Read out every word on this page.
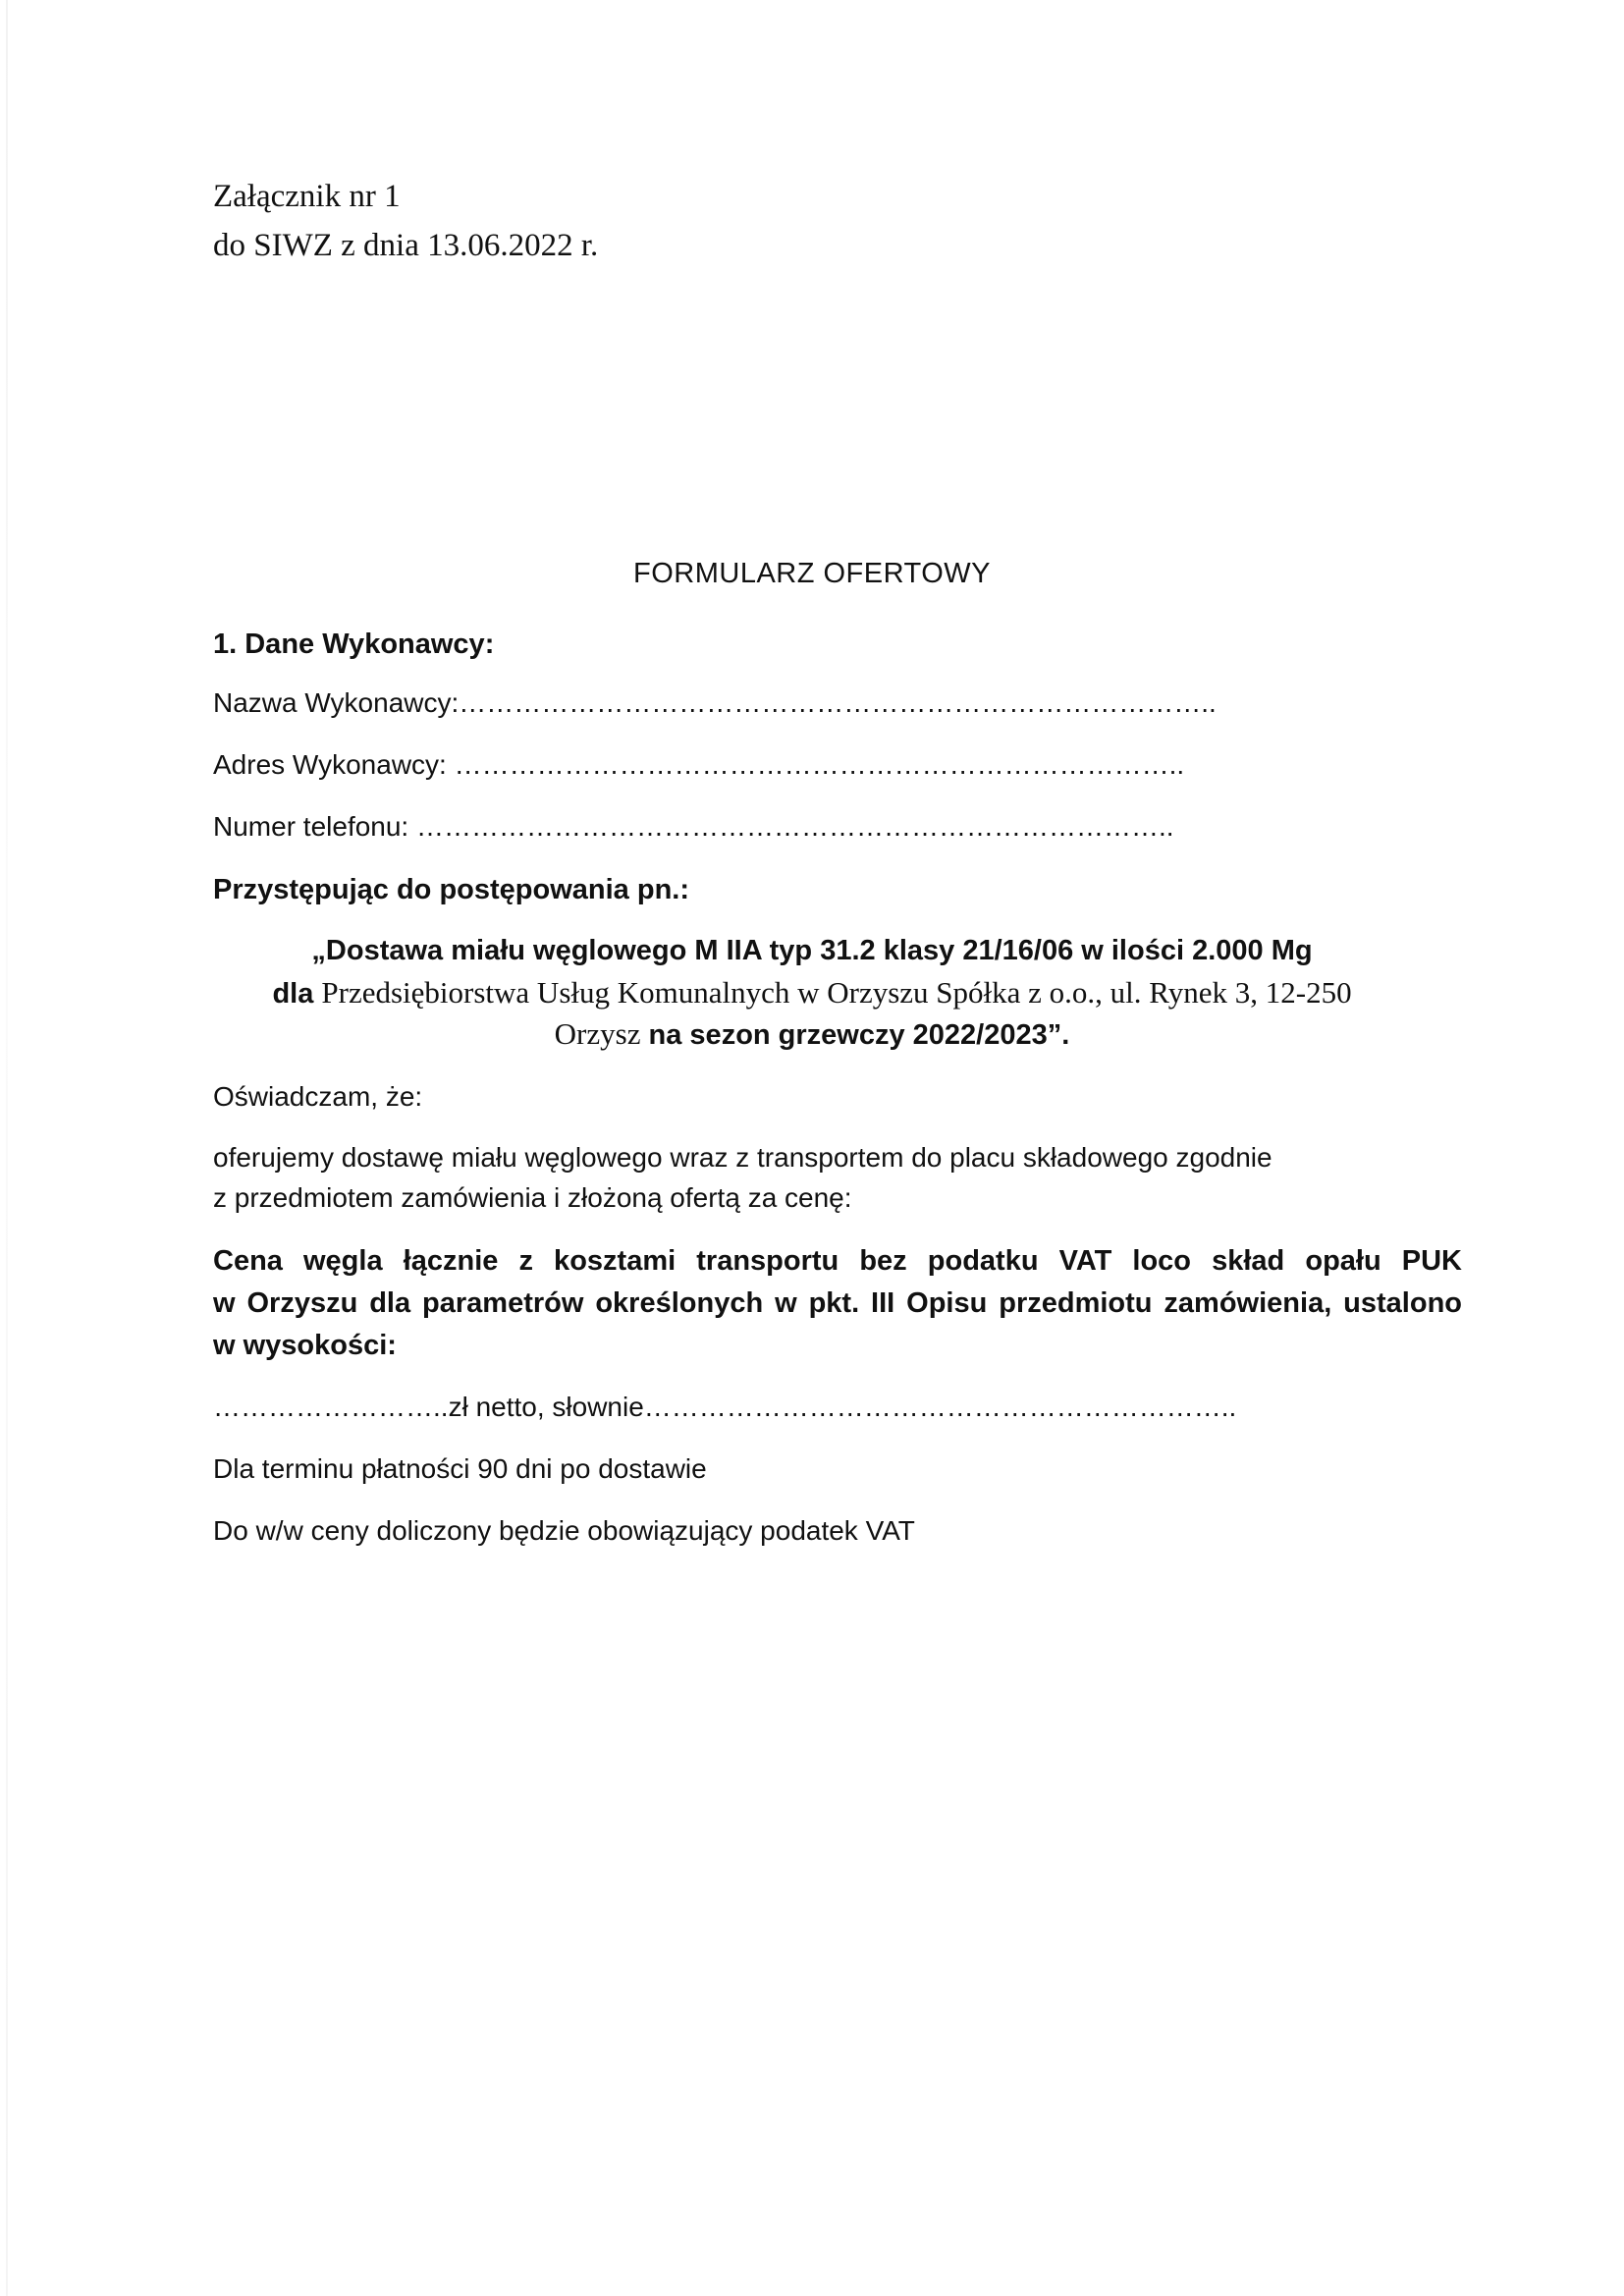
Załącznik nr 1

do SIWZ z dnia 13.06.2022 r.

FORMULARZ OFERTOWY

1. Dane Wykonawcy:

Nazwa Wykonawcy:………………………………………………………………………..

Adres Wykonawcy: ……………………………………………………………………..

Numer telefonu: ………………………………………………………………………..

Przystępując do postępowania pn.:

„Dostawa miału węglowego M IIA typ 31.2 klasy 21/16/06 w ilości 2.000 Mg

dla Przedsiębiorstwa Usług Komunalnych w Orzyszu Spółka z o.o., ul. Rynek 3, 12-250

Orzysz na sezon grzewczy 2022/2023”.

Oświadczam, że:

oferujemy dostawę miału węglowego wraz z transportem do placu składowego zgodnie

z przedmiotem zamówienia i złożoną ofertą za cenę:

Cena węgla łącznie z kosztami transportu bez podatku VAT loco skład opału PUK

w Orzyszu dla parametrów określonych w pkt. III Opisu przedmiotu zamówienia, ustalono

w wysokości:

……………………..zł netto, słownie………………………………………………………..

Dla terminu płatności 90 dni po dostawie

Do w/w ceny doliczony będzie obowiązujący podatek VAT
